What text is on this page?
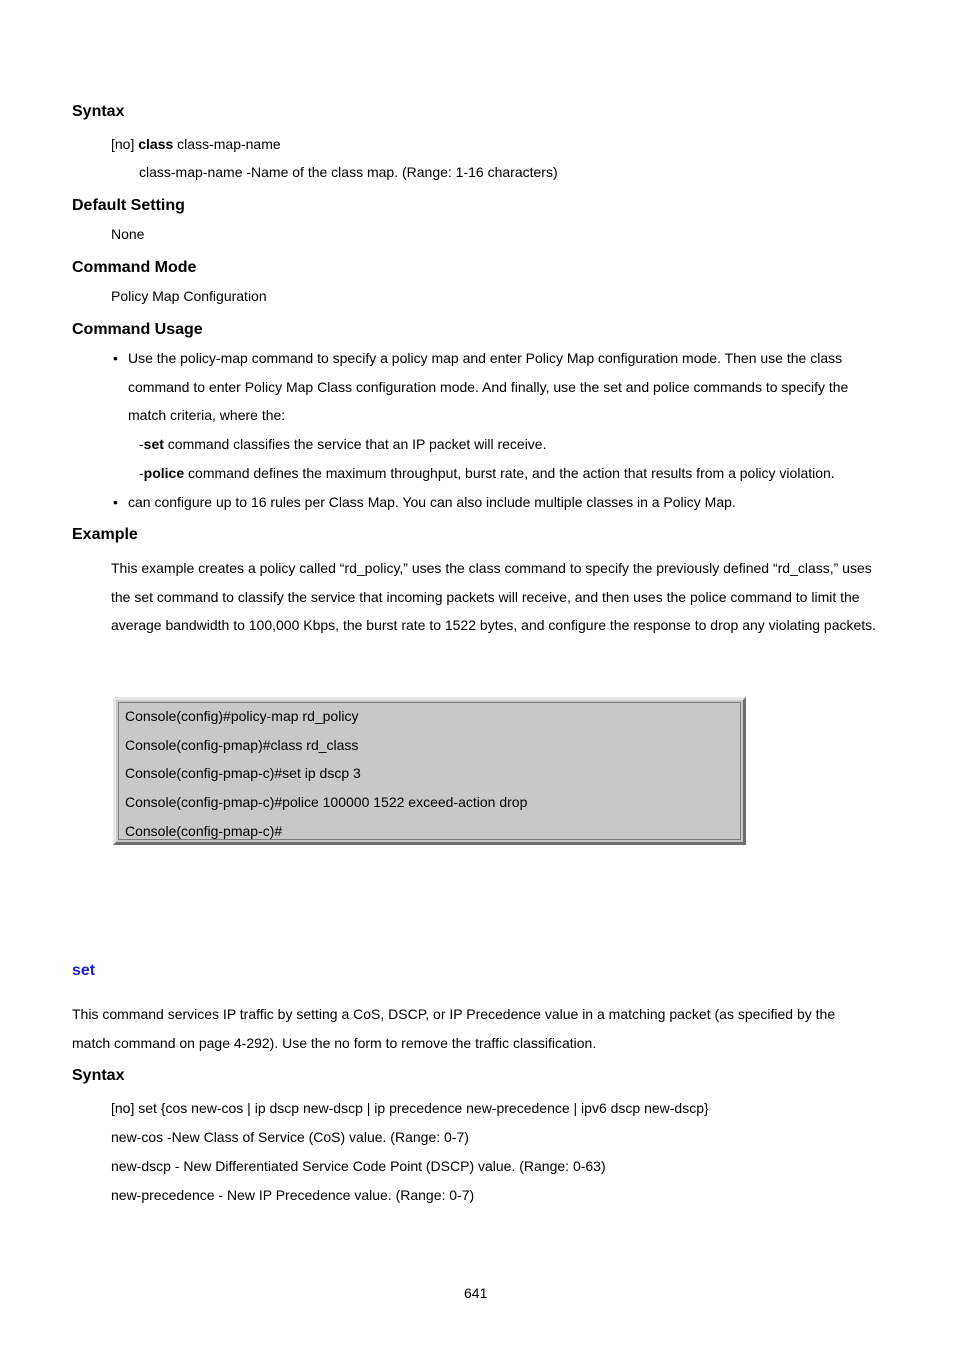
Syntax
[no] class class-map-name
class-map-name -Name of the class map. (Range: 1-16 characters)
Default Setting
None
Command Mode
Policy Map Configuration
Command Usage
• Use the policy-map command to specify a policy map and enter Policy Map configuration mode. Then use the class command to enter Policy Map Class configuration mode. And finally, use the set and police commands to specify the match criteria, where the:
-set command classifies the service that an IP packet will receive.
-police command defines the maximum throughput, burst rate, and the action that results from a policy violation.
• can configure up to 16 rules per Class Map. You can also include multiple classes in a Policy Map.
Example
This example creates a policy called “rd_policy,” uses the class command to specify the previously defined “rd_class,” uses the set command to classify the service that incoming packets will receive, and then uses the police command to limit the average bandwidth to 100,000 Kbps, the burst rate to 1522 bytes, and configure the response to drop any violating packets.
Console(config)#policy-map rd_policy
Console(config-pmap)#class rd_class
Console(config-pmap-c)#set ip dscp 3
Console(config-pmap-c)#police 100000 1522 exceed-action drop
Console(config-pmap-c)#
set
This command services IP traffic by setting a CoS, DSCP, or IP Precedence value in a matching packet (as specified by the match command on page 4-292). Use the no form to remove the traffic classification.
Syntax
[no] set {cos new-cos | ip dscp new-dscp | ip precedence new-precedence | ipv6 dscp new-dscp}
new-cos -New Class of Service (CoS) value. (Range: 0-7)
new-dscp - New Differentiated Service Code Point (DSCP) value. (Range: 0-63)
new-precedence - New IP Precedence value. (Range: 0-7)
641
